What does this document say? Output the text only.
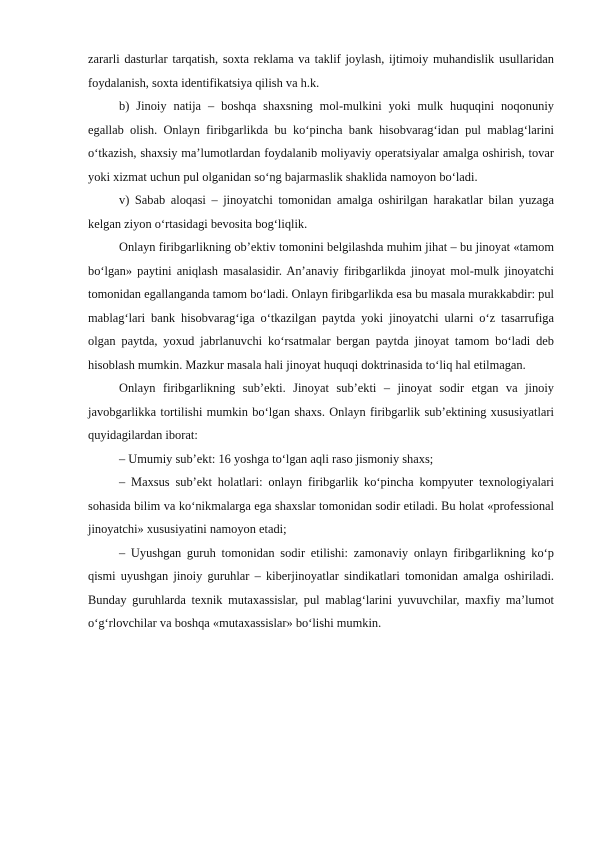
zararli dasturlar tarqatish, soxta reklama va taklif joylash, ijtimoiy muhandislik usullaridan foydalanish, soxta identifikatsiya qilish va h.k.

b) Jinoiy natija – boshqa shaxsning mol-mulkini yoki mulk huquqini noqonuniy egallab olish. Onlayn firibgarlikda bu ko‘pincha bank hisobvarag‘idan pul mablag‘larini o‘tkazish, shaxsiy ma’lumotlardan foydalanib moliyaviy operatsiyalar amalga oshirish, tovar yoki xizmat uchun pul olganidan so‘ng bajarmaslik shaklida namoyon bo‘ladi.

v) Sabab aloqasi – jinoyatchi tomonidan amalga oshirilgan harakatlar bilan yuzaga kelgan ziyon o‘rtasidagi bevosita bog‘liqlik.

Onlayn firibgarlikning ob’ektiv tomonini belgilashda muhim jihat – bu jinoyat «tamom bo‘lgan» paytini aniqlash masalasidir. An’anaviy firibgarlikda jinoyat mol-mulk jinoyatchi tomonidan egallanganda tamom bo‘ladi. Onlayn firibgarlikda esa bu masala murakkabdir: pul mablag‘lari bank hisobvarag‘iga o‘tkazilgan paytda yoki jinoyatchi ularni o‘z tasarrufiga olgan paytda, yoxud jabrlanuvchi ko‘rsatmalar bergan paytda jinoyat tamom bo‘ladi deb hisoblash mumkin. Mazkur masala hali jinoyat huquqi doktrinasida to‘liq hal etilmagan.

Onlayn firibgarlikning sub’ekti. Jinoyat sub’ekti – jinoyat sodir etgan va jinoiy javobgarlikka tortilishi mumkin bo‘lgan shaxs. Onlayn firibgarlik sub’ektining xususiyatlari quyidagilardan iborat:

– Umumiy sub’ekt: 16 yoshga to‘lgan aqli raso jismoniy shaxs;

– Maxsus sub’ekt holatlari: onlayn firibgarlik ko‘pincha kompyuter texnologiyalari sohasida bilim va ko‘nikmalarga ega shaxslar tomonidan sodir etiladi. Bu holat «professional jinoyatchi» xususiyatini namoyon etadi;

– Uyushgan guruh tomonidan sodir etilishi: zamonaviy onlayn firibgarlikning ko‘p qismi uyushgan jinoiy guruhlar – kiberjinoyatlar sindikatlari tomonidan amalga oshiriladi. Bunday guruhlarda texnik mutaxassislar, pul mablag‘larini yuvuvchilar, maxfiy ma’lumot o‘g‘rlovchilar va boshqa «mutaxassislar» bo‘lishi mumkin.
